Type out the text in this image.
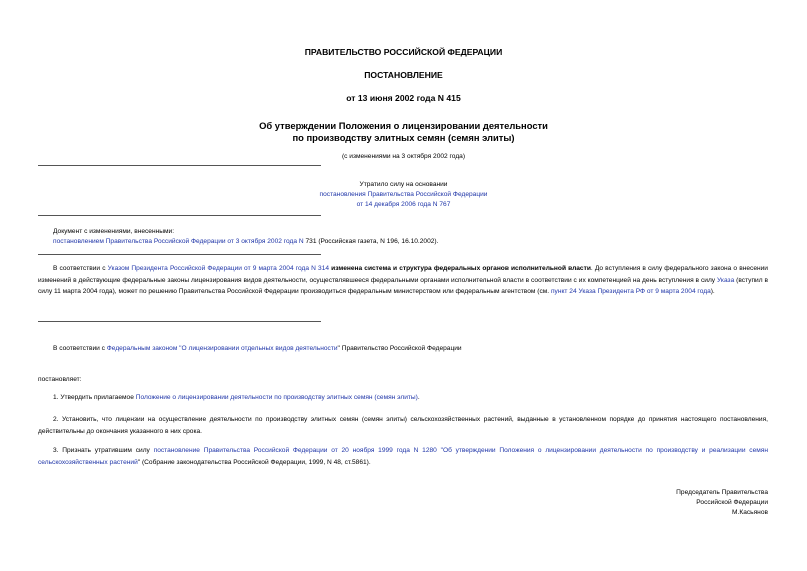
ПРАВИТЕЛЬСТВО РОССИЙСКОЙ ФЕДЕРАЦИИ
ПОСТАНОВЛЕНИЕ
от 13 июня 2002 года N 415
Об утверждении Положения о лицензировании деятельности
по производству элитных семян (семян элиты)
(с изменениями на 3 октября 2002 года)
Утратило силу на основании
постановления Правительства Российской Федерации
от 14 декабря 2006 года N 767
Документ с изменениями, внесенными:
постановлением Правительства Российской Федерации от 3 октября 2002 года N 731 (Российская газета, N 196, 16.10.2002).
В соответствии с Указом Президента Российской Федерации от 9 марта 2004 года N 314 изменена система и структура федеральных органов исполнительной власти. До вступления в силу федерального закона о внесении изменений в действующие федеральные законы лицензирования видов деятельности, осуществлявшееся федеральными органами исполнительной власти в соответствии с их компетенцией на день вступления в силу Указа (вступил в силу 11 марта 2004 года), может по решению Правительства Российской Федерации производиться федеральным министерством или федеральным агентством (см. пункт 24 Указа Президента РФ от 9 марта 2004 года).
В соответствии с Федеральным законом "О лицензировании отдельных видов деятельности" Правительство Российской Федерации
постановляет:
1. Утвердить прилагаемое Положение о лицензировании деятельности по производству элитных семян (семян элиты).
2. Установить, что лицензии на осуществление деятельности по производству элитных семян (семян элиты) сельскохозяйственных растений, выданные в установленном порядке до принятия настоящего постановления, действительны до окончания указанного в них срока.
3. Признать утратившим силу постановление Правительства Российской Федерации от 20 ноября 1999 года N 1280 "Об утверждении Положения о лицензировании деятельности по производству и реализации семян сельскохозяйственных растений" (Собрание законодательства Российской Федерации, 1999, N 48, ст.5861).
Председатель Правительства
Российской Федерации
М.Касьянов
